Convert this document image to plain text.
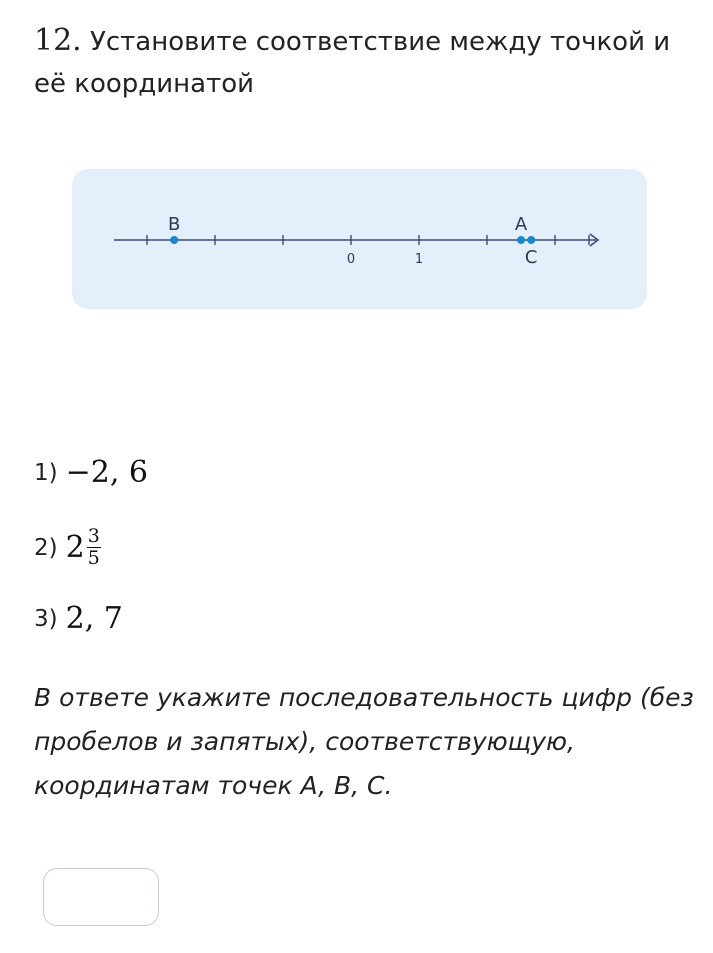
12. Установите соответствие между точкой и её координатой
0	1
B	A
C
1) −2, 6
2) $2 \frac{3}{5}$
3) 2, 7
В ответе укажите последовательность цифр (без пробелов и запятых), соответствующую, координатам точек A, B, C.
